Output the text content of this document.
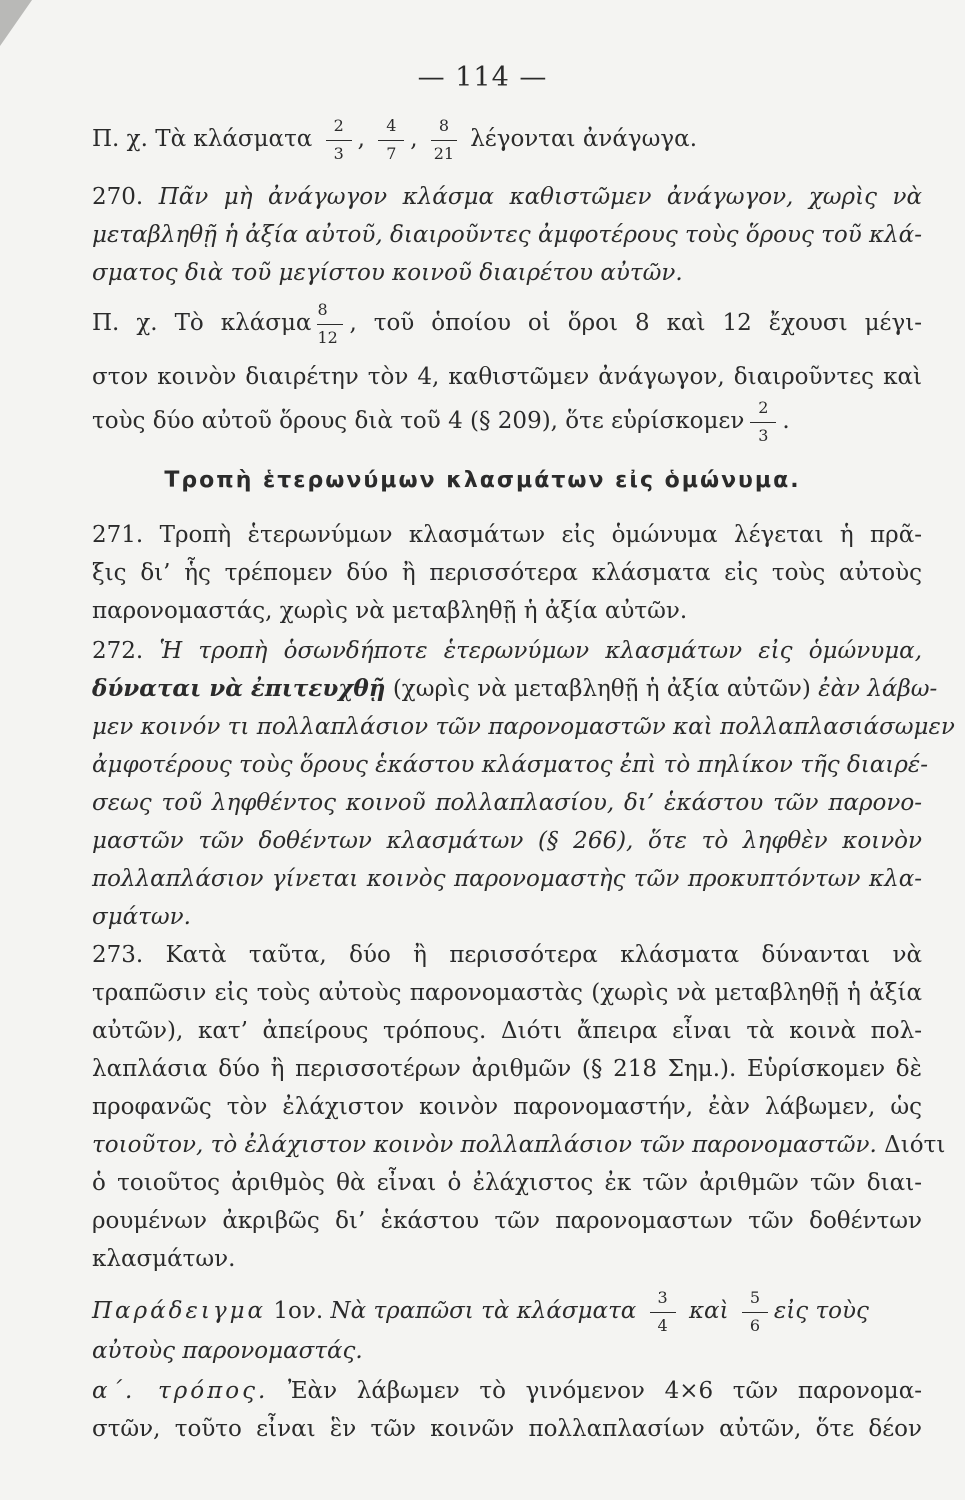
— 114 —
Π. χ. Τὰ κλάσματα $\frac{2}{3}$ , $\frac{4}{7}$ , $\frac{8}{21}$ λέγονται ἀνάγωγα.
270. Πᾶν μὴ ἀνάγωγον κλάσμα καθιστῶμεν ἀνάγωγον, χωρὶς νὰ
μεταβληθῇ ἡ ἀξία αὐτοῦ, διαιροῦντες ἀμφοτέρους τοὺς ὅρους τοῦ κλά-
σματος διὰ τοῦ μεγίστου κοινοῦ διαιρέτου αὐτῶν.
Π. χ. Τὸ κλάσμα $\frac{8}{12}$ , τοῦ ὁποίου οἱ ὅροι 8 καὶ 12 ἔχουσι μέγι-
στον κοινὸν διαιρέτην τὸν 4, καθιστῶμεν ἀνάγωγον, διαιροῦντες καὶ
τοὺς δύο αὐτοῦ ὅρους διὰ τοῦ 4 (§ 209), ὅτε εὑρίσκομεν $\frac{2}{3}$ .
Τροπὴ ἑτερωνύμων κλασμάτων εἰς ὁμώνυμα.
271. Τροπὴ ἑτερωνύμων κλασμάτων εἰς ὁμώνυμα λέγεται ἡ πρᾶ-
ξις δι’ ἧς τρέπομεν δύο ἢ περισσότερα κλάσματα εἰς τοὺς αὐτοὺς
παρονομαστάς, χωρὶς νὰ μεταβληθῇ ἡ ἀξία αὐτῶν.
272. Ἡ τροπὴ ὁσωνδήποτε ἑτερωνύμων κλασμάτων εἰς ὁμώνυμα,
δύναται νὰ ἐπιτευχθῇ (χωρὶς νὰ μεταβληθῇ ἡ ἀξία αὐτῶν) ἐὰν λάβω-
μεν κοινόν τι πολλαπλάσιον τῶν παρονομαστῶν καὶ πολλαπλασιάσωμεν
ἀμφοτέρους τοὺς ὅρους ἑκάστου κλάσματος ἐπὶ τὸ πηλίκον τῆς διαιρέ-
σεως τοῦ ληφθέντος κοινοῦ πολλαπλασίου, δι’ ἑκάστου τῶν παρονο-
μαστῶν τῶν δοθέντων κλασμάτων (§ 266), ὅτε τὸ ληφθὲν κοινὸν
πολλαπλάσιον γίνεται κοινὸς παρονομαστὴς τῶν προκυπτόντων κλα-
σμάτων.
273. Κατὰ ταῦτα, δύο ἢ περισσότερα κλάσματα δύνανται νὰ
τραπῶσιν εἰς τοὺς αὐτοὺς παρονομαστὰς (χωρὶς νὰ μεταβληθῇ ἡ ἀξία
αὐτῶν), κατ’ ἀπείρους τρόπους. Διότι ἄπειρα εἶναι τὰ κοινὰ πολ-
λαπλάσια δύο ἢ περισσοτέρων ἀριθμῶν (§ 218 Σημ.). Εὑρίσκομεν δὲ
προφανῶς τὸν ἐλάχιστον κοινὸν παρονομαστήν, ἐὰν λάβωμεν, ὡς
τοιοῦτον, τὸ ἐλάχιστον κοινὸν πολλαπλάσιον τῶν παρονομαστῶν. Διότι
ὁ τοιοῦτος ἀριθμὸς θὰ εἶναι ὁ ἐλάχιστος ἐκ τῶν ἀριθμῶν τῶν διαι-
ρουμένων ἀκριβῶς δι’ ἑκάστου τῶν παρονομαστων τῶν δοθέντων
κλασμάτων.
Παράδειγμα 1ον. Νὰ τραπῶσι τὰ κλάσματα $\frac{3}{4}$ καὶ $\frac{5}{6}$ εἰς τοὺς
αὐτοὺς παρονομαστάς.
α΄. τρόπος. Ἐὰν λάβωμεν τὸ γινόμενον 4×6 τῶν παρονομα-
στῶν, τοῦτο εἶναι ἓν τῶν κοινῶν πολλαπλασίων αὐτῶν, ὅτε δέον
